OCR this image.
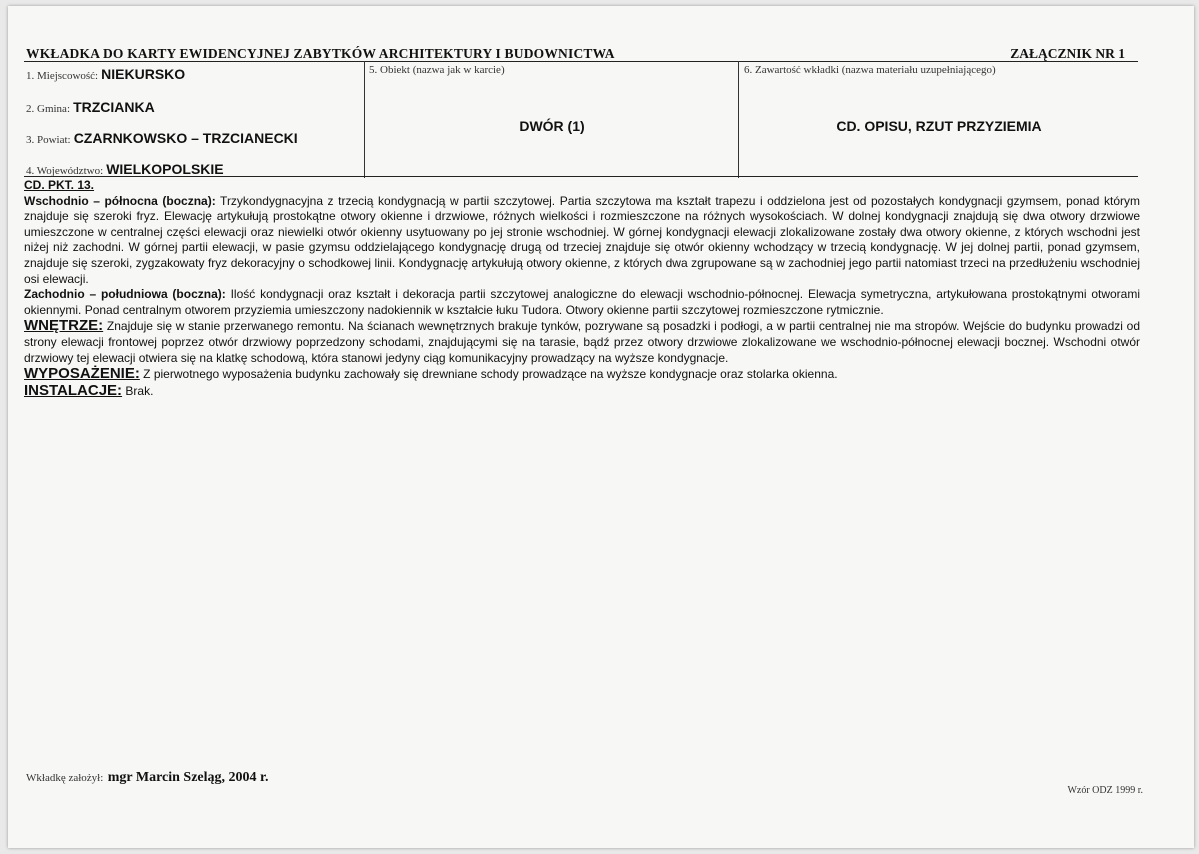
WKŁADKA DO KARTY EWIDENCYJNEJ ZABYTKÓW ARCHITEKTURY I BUDOWNICTWA	ZAŁĄCZNIK NR 1
1. Miejscowość: NIEKURSKO
2. Gmina: TRZCIANKA
3. Powiat: CZARNKOWSKO – TRZCIANECKI
4. Województwo: WIELKOPOLSKIE
5. Obiekt (nazwa jak w karcie)
DWÓR (1)
6. Zawartość wkładki (nazwa materiału uzupełniającego)
CD. OPISU, RZUT PRZYZIEMIA

CD. PKT. 13.

Wschodnio – północna (boczna): Trzykondygnacyjna z trzecią kondygnacją w partii szczytowej. Partia szczytowa ma kształt trapezu i oddzielona jest od pozostałych kondygnacji gzymsem, ponad którym znajduje się szeroki fryz. Elewację artykułują prostokątne otwory okienne i drzwiowe, różnych wielkości i rozmieszczone na różnych wysokościach. W dolnej kondygnacji znajdują się dwa otwory drzwiowe umieszczone w centralnej części elewacji oraz niewielki otwór okienny usytuowany po jej stronie wschodniej. W górnej kondygnacji elewacji zlokalizowane zostały dwa otwory okienne, z których wschodni jest niżej niż zachodni. W górnej partii elewacji, w pasie gzymsu oddzielającego kondygnację drugą od trzeciej znajduje się otwór okienny wchodzący w trzecią kondygnację. W jej dolnej partii, ponad gzymsem, znajduje się szeroki, zygzakowaty fryz dekoracyjny o schodkowej linii. Kondygnację artykułują otwory okienne, z których dwa zgrupowane są w zachodniej jego partii natomiast trzeci na przedłużeniu wschodniej osi elewacji.

Zachodnio – południowa (boczna): Ilość kondygnacji oraz kształt i dekoracja partii szczytowej analogiczne do elewacji wschodnio-północnej. Elewacja symetryczna, artykułowana prostokątnymi otworami okiennymi. Ponad centralnym otworem przyziemia umieszczony nadokiennik w kształcie łuku Tudora. Otwory okienne partii szczytowej rozmieszczone rytmicznie.

WNĘTRZE: Znajduje się w stanie przerwanego remontu. Na ścianach wewnętrznych brakuje tynków, pozrywane są posadzki i podłogi, a w partii centralnej nie ma stropów. Wejście do budynku prowadzi od strony elewacji frontowej poprzez otwór drzwiowy poprzedzony schodami, znajdującymi się na tarasie, bądź przez otwory drzwiowe zlokalizowane we wschodnio-północnej elewacji bocznej. Wschodni otwór drzwiowy tej elewacji otwiera się na klatkę schodową, która stanowi jedyny ciąg komunikacyjny prowadzący na wyższe kondygnacje.

WYPOSAŻENIE: Z pierwotnego wyposażenia budynku zachowały się drewniane schody prowadzące na wyższe kondygnacje oraz stolarka okienna.

INSTALACJE: Brak.

Wkładkę założył: mgr Marcin Szeląg, 2004 r.
Wzór ODZ 1999 r.
